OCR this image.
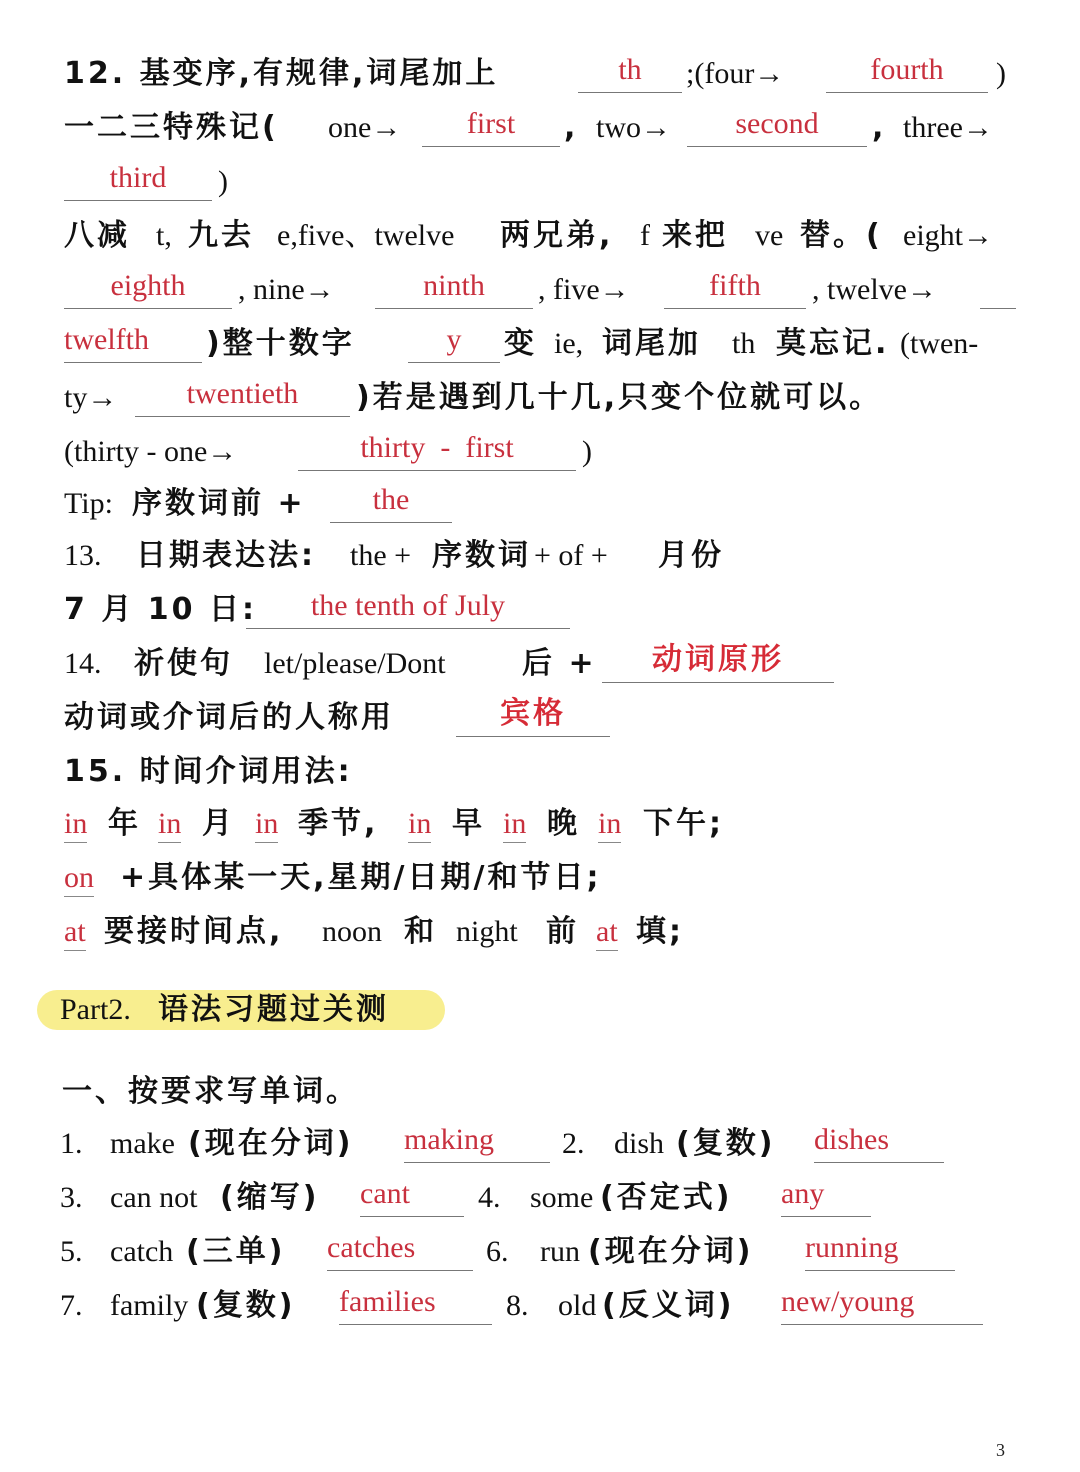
12. 基变序,有规律,词尾加上	th	;(four→	fourth	)
一二三特殊记( one→	first	, two→	second	, three→
third	)
八减 t, 九去 e,five、twelve 两兄弟, f 来把 ve 替。( eight→
eighth	, nine→	ninth	, five→	fifth	, twelve→
twelfth	)整十数字	y	变 ie, 词尾加 th 莫忘记. (twen-
ty→	twentieth	)若是遇到几十几,只变个位就可以。
(thirty - one→	thirty  -  first	)
Tip: 序数词前 +	the
13. 日期表达法: the + 序数词 + of + 月份
7 月 10 日:	the tenth of July
14. 祈使句 let/please/Dont	后 +	动词原形
动词或介词后的人称用	宾格
15. 时间介词用法:
in 年 in 月 in 季节, in 早 in 晚 in 下午;
on +具体某一天,星期/日期/和节日;
at 要接时间点, noon 和 night 前 at 填;
Part2. 语法习题过关测
一、按要求写单词。
1. make (现在分词) making	2. dish (复数) dishes
3. can not (缩写) cant	4. some (否定式) any
5. catch (三单) catches	6. run (现在分词) running
7. family (复数) families	8. old (反义词) new/young
3
